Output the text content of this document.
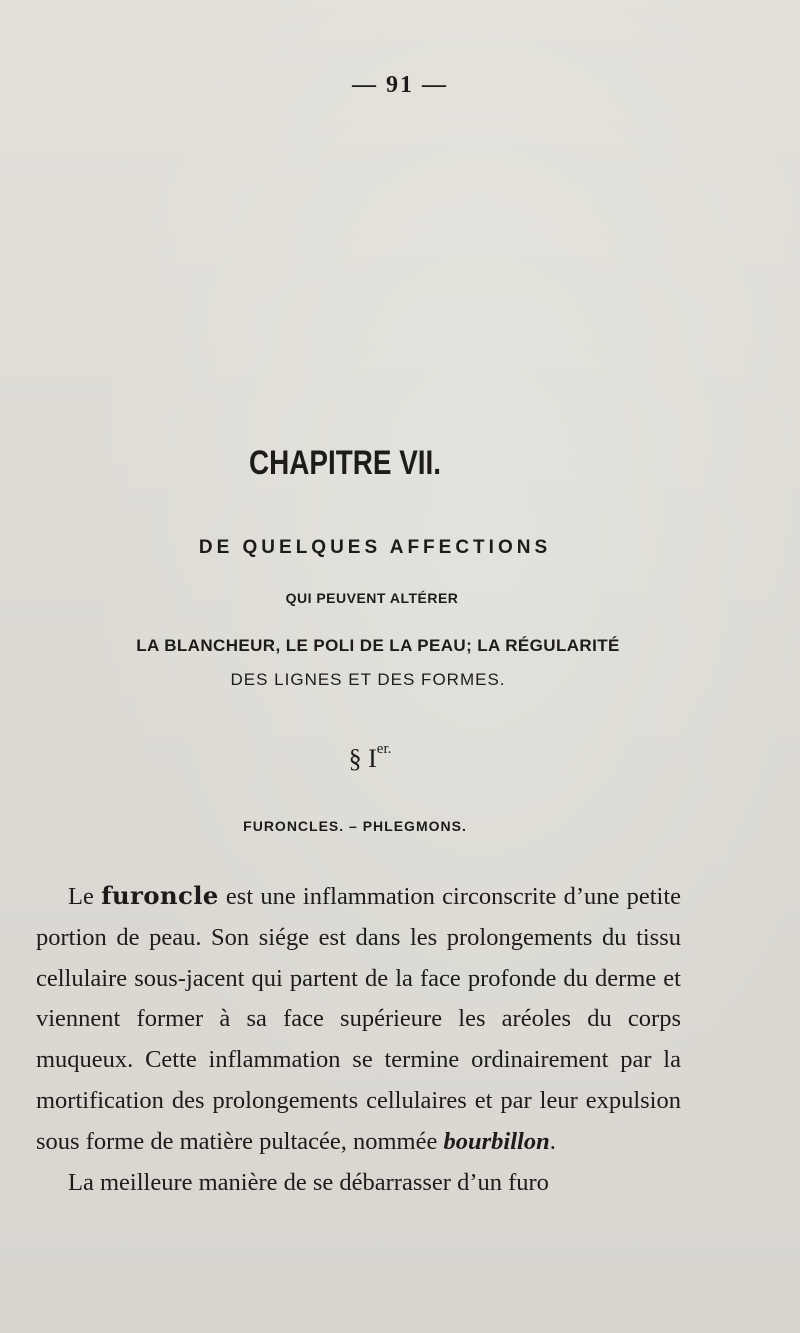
— 91 —
CHAPITRE VII.
DE QUELQUES AFFECTIONS
QUI PEUVENT ALTÉRER
LA BLANCHEUR, LE POLI DE LA PEAU; LA RÉGULARITÉ
DES LIGNES ET DES FORMES.
§ $I^{er.}$
FURONCLES. – PHLEGMONS.

Le furoncle est une inflammation circonscrite d’une petite portion de peau. Son siége est dans les prolongements du tissu cellulaire sous-jacent qui partent de la face profonde du derme et viennent former à sa face supérieure les aréoles du corps muqueux. Cette inflammation se termine ordinairement par la mortification des prolongements cellulaires et par leur expulsion sous forme de matière pultacée, nommée bourbillon.

La meilleure manière de se débarrasser d’un furo
